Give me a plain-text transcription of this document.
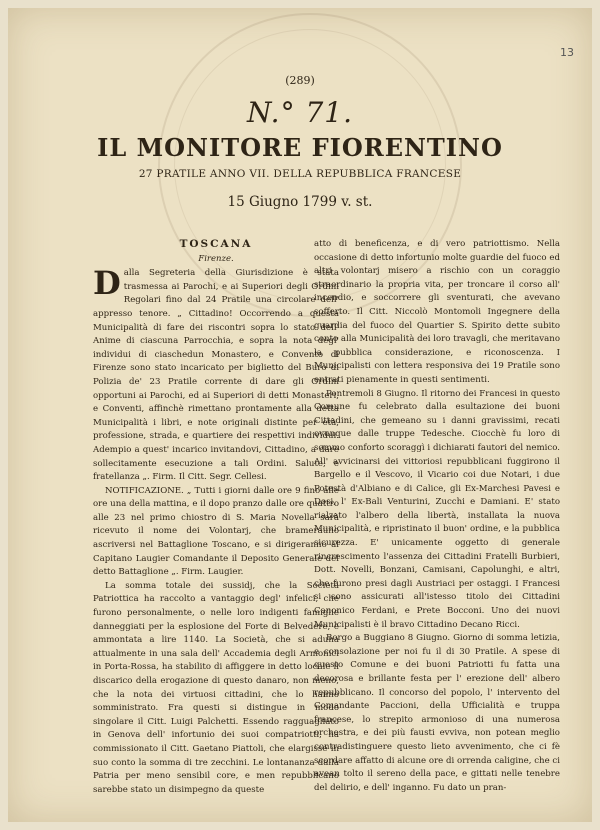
13
(289)
N.° 71.
IL MONITORE FIORENTINO
27 PRATILE ANNO VII. DELLA REPUBBLICA FRANCESE
15 Giugno 1799 v. st.

TOSCANA

Firenze.

Dalla Segreteria della Giurisdizione è stata trasmessa ai Parochi, e ai Superiori degli Ordini Regolari fino dal 24 Pratile una circolare dell' appresso tenore. „ Cittadino! Occorrendo a questa Municipalità di fare dei riscontri sopra lo stato dell' Anime di ciascuna Parrocchia, e sopra la nota degl' individui di ciaschedun Monastero, e Convento di Firenze sono stato incaricato per biglietto del Burò di Polizia de' 23 Pratile corrente di dare gli Ordini opportuni ai Parochi, ed ai Superiori di detti Monasteri, e Conventi, affinchè rimettano prontamente alla detta Municipalità i libri, e note originali distinte per età, professione, strada, e quartiere dei respettivi individui. Adempio a quest' incarico invitandovi, Cittadino, a dare sollecitamente esecuzione a tali Ordini. Salute, e fratellanza „. Firm. Il Citt. Segr. Cellesi.

NOTIFICAZIONE. „ Tutti i giorni dalle ore 9 fino alle ore una della mattina, e il dopo pranzo dalle ore quattro alle 23 nel primo chiostro di S. Maria Novella sarà ricevuto il nome dei Volontarj, che bramerauno ascriversi nel Battaglione Toscano, e si dirigeranno al Capitano Laugier Comandante il Deposito Generale del detto Battaglione „. Firm. Laugier.

La somma totale dei sussidj, che la Società Patriottica ha raccolto a vantaggio degl' infelici, che furono personalmente, o nelle loro indigenti famiglie danneggiati per la esplosione del Forte di Belvedere, è ammontata a lire 1140. La Società, che si aduna attualmente in una sala dell' Accademia degli Armonici in Porta-Rossa, ha stabilito di affiggere in detto locale il discarico della erogazione di questo danaro, non meno, che la nota dei virtuosi cittadini, che lo hanno somministrato. Fra questi si distingue in modo singolare il Citt. Luigi Palchetti. Essendo ragguagliato in Genova dell' infortunio dei suoi compatriotti, ha commissionato il Citt. Gaetano Piattoli, che elargisse in suo conto la somma di tre zecchini. Le lontananza dalla Patria per meno sensibil core, e men repubblicano sarebbe stato un disimpegno da queste

atto di beneficenza, e di vero patriottismo. Nella occasione di detto infortunio molte guardie del fuoco ed altri volontarj misero a rischio con un coraggio straordinario la propria vita, per troncare il corso all' incendio, e soccorrere gli sventurati, che avevano sofferto. Il Citt. Niccolò Montomoli Ingegnere della guardia del fuoco del Quartier S. Spirito dette subito conto alla Municipalità dei loro travagli, che meritavano la pubblica considerazione, e riconoscenza. I Municipalisti con lettera responsiva dei 19 Pratile sono entrati pienamente in questi sentimenti.

Pontremoli 8 Giugno. Il ritorno dei Francesi in questo Comune fu celebrato dalla esultazione dei buoni Cittadini, che gemeano su i danni gravissimi, recati ovunque dalle truppe Tedesche. Ciocchè fu loro di sommo conforto scoraggì i dichiarati fautori del nemico. All' avvicinarsi dei vittoriosi repubblicani fuggirono il Bargello e il Vescovo, il Vicario coi due Notari, i due Potestà d'Albiano e di Calice, gli Ex-Marchesi Pavesi e Dosi, l' Ex-Bali Venturini, Zucchi e Damiani. E' stato rialzato l'albero della libertà, installata la nuova Municipalità, e ripristinato il buon' ordine, e la pubblica sicurezza. E' unicamente oggetto di generale rincrescimento l'assenza dei Cittadini Fratelli Burbieri, Dott. Novelli, Bonzani, Camisani, Capolunghi, e altri, che furono presi dagli Austriaci per ostaggi. I Francesi si sono assicurati all'istesso titolo dei Cittadini Canonico Ferdani, e Prete Bocconi. Uno dei nuovi Municipalisti è il bravo Cittadino Decano Ricci.

Borgo a Buggiano 8 Giugno. Giorno di somma letizia, e consolazione per noi fu il di 30 Pratile. A spese di questo Comune e dei buoni Patriotti fu fatta una decorosa e brillante festa per l' erezione dell' albero repubblicano. Il concorso del popolo, l' intervento del Comandante Paccioni, della Ufficialità e truppa francese, lo strepito armonioso di una numerosa orchestra, e dei più fausti evviva, non potean meglio contradistinguere questo lieto avvenimento, che ci fè scordare affatto di alcune ore di orrenda caligine, che ci avean tolto il sereno della pace, e gittati nelle tenebre del delirio, e dell' inganno. Fu dato un pran-
